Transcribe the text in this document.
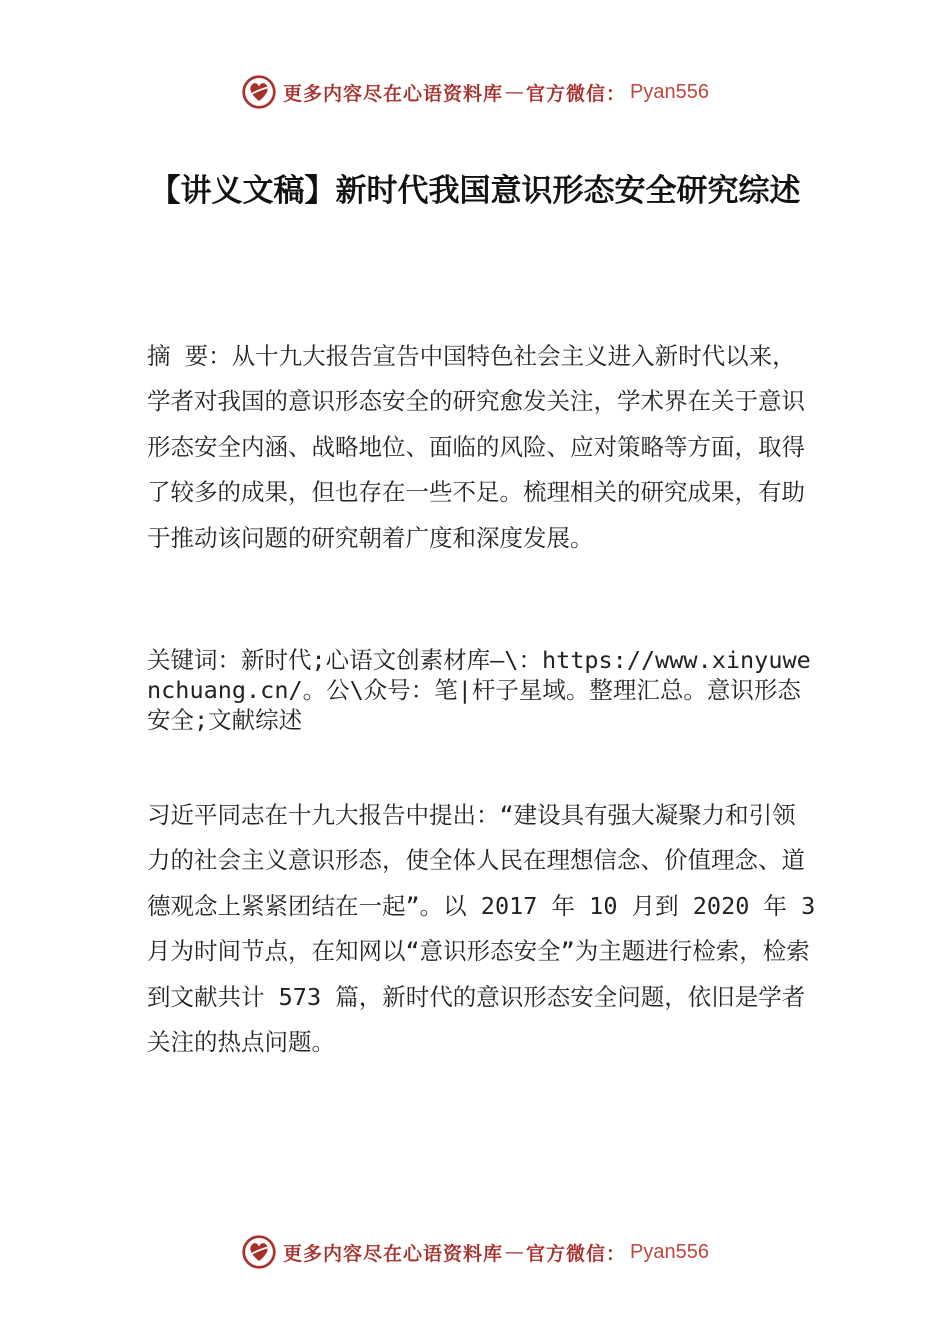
更多内容尽在心语资料库 — 官方微信： Pyan556
【讲义文稿】新时代我国意识形态安全研究综述

摘 要：从十九大报告宣告中国特色社会主义进入新时代以来，学者对我国的意识形态安全的研究愈发关注，学术界在关于意识形态安全内涵、战略地位、面临的风险、应对策略等方面，取得了较多的成果，但也存在一些不足。梳理相关的研究成果，有助于推动该问题的研究朝着广度和深度发展。

关键词：新时代;心语文创素材库—\：https://www.xinyuwenchuang.cn/。公\众号：笔|杆子星域。整理汇总。意识形态安全;文献综述

习近平同志在十九大报告中提出：“建设具有强大凝聚力和引领力的社会主义意识形态，使全体人民在理想信念、价值理念、道德观念上紧紧团结在一起”。以 2017 年 10 月到 2020 年 3 月为时间节点，在知网以“意识形态安全”为主题进行检索，检索到文献共计 573 篇，新时代的意识形态安全问题，依旧是学者关注的热点问题。

更多内容尽在心语资料库 — 官方微信： Pyan556
